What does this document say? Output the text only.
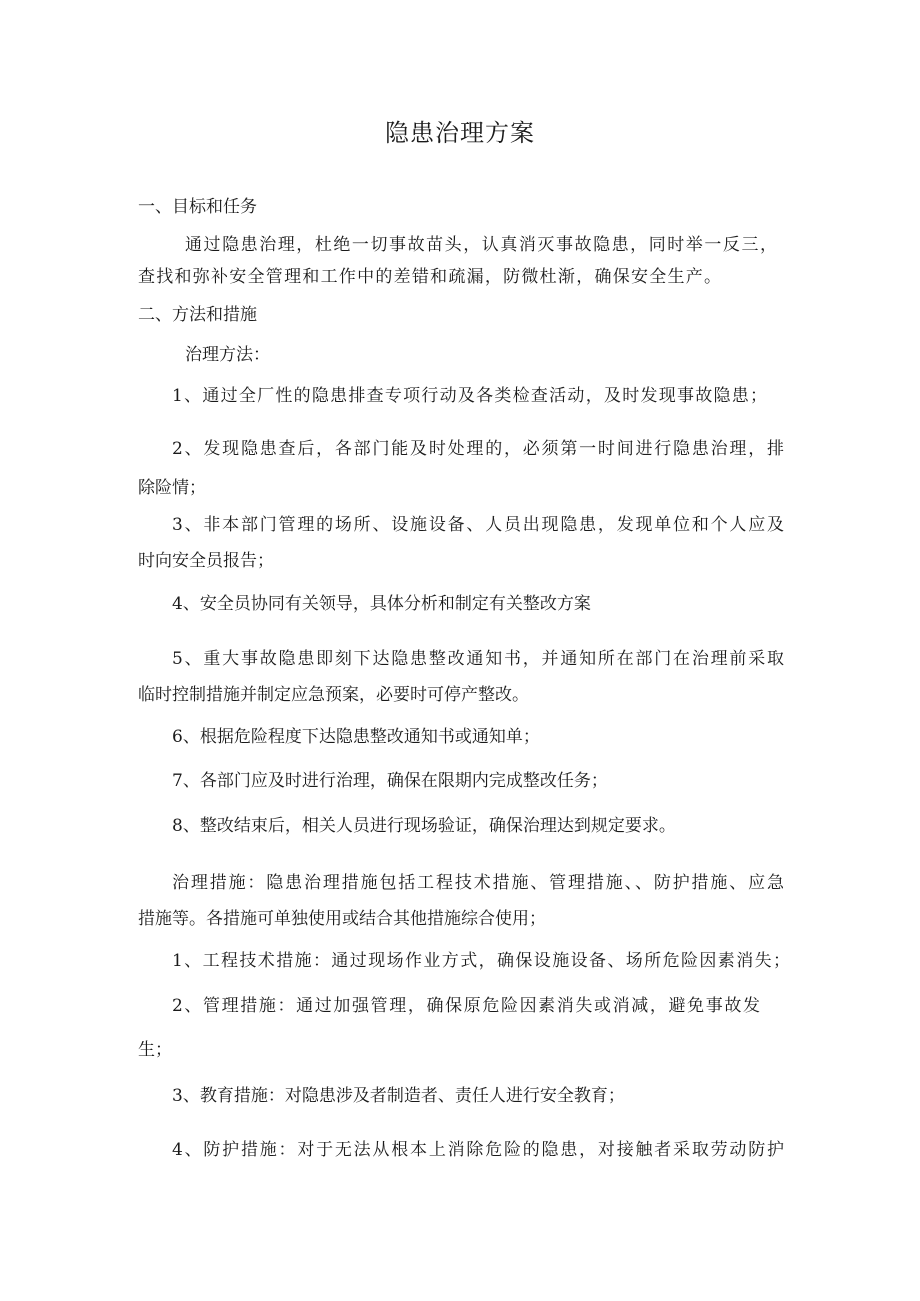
隐患治理方案
一、目标和任务
通过隐患治理，杜绝一切事故苗头，认真消灭事故隐患，同时举一反三，
查找和弥补安全管理和工作中的差错和疏漏，防微杜渐，确保安全生产。
二、方法和措施
治理方法：
1、通过全厂性的隐患排查专项行动及各类检查活动，及时发现事故隐患；
2、发现隐患查后，各部门能及时处理的，必须第一时间进行隐患治理，排
除险情；
3、非本部门管理的场所、设施设备、人员出现隐患，发现单位和个人应及
时向安全员报告；
4、安全员协同有关领导，具体分析和制定有关整改方案
5、重大事故隐患即刻下达隐患整改通知书，并通知所在部门在治理前采取
临时控制措施并制定应急预案，必要时可停产整改。
6、根据危险程度下达隐患整改通知书或通知单；
7、各部门应及时进行治理，确保在限期内完成整改任务；
8、整改结束后，相关人员进行现场验证，确保治理达到规定要求。
治理措施：隐患治理措施包括工程技术措施、管理措施、、防护措施、应急
措施等。各措施可单独使用或结合其他措施综合使用；
1、工程技术措施：通过现场作业方式，确保设施设备、场所危险因素消失；
2、管理措施：通过加强管理，确保原危险因素消失或消减，避免事故发
生；
3、教育措施：对隐患涉及者制造者、责任人进行安全教育；
4、防护措施：对于无法从根本上消除危险的隐患，对接触者采取劳动防护
